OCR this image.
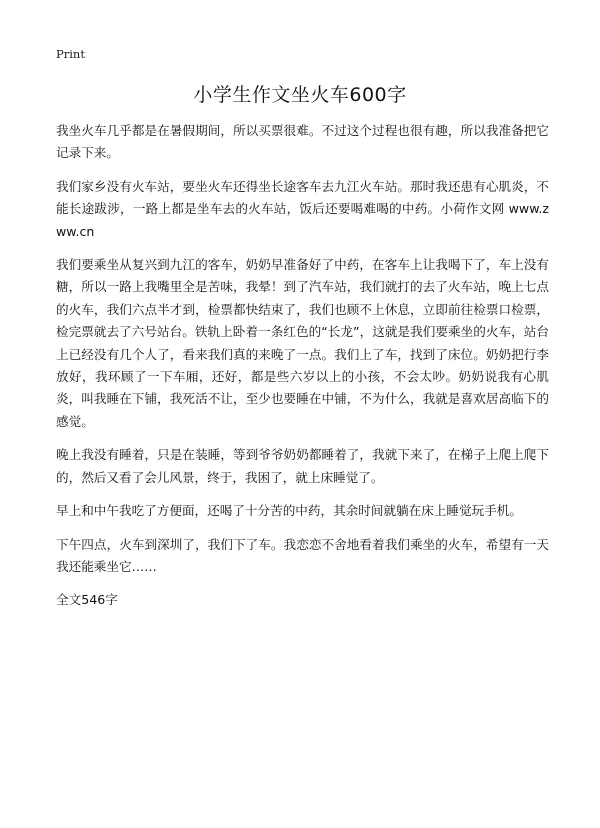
Print
小学生作文坐火车600字

我坐火车几乎都是在暑假期间，所以买票很难。不过这个过程也很有趣，所以我准备把它记录下来。

我们家乡没有火车站，要坐火车还得坐长途客车去九江火车站。那时我还患有心肌炎，不能长途跋涉，一路上都是坐车去的火车站，饭后还要喝难喝的中药。小荷作文网 www.zww.cn

我们要乘坐从复兴到九江的客车，奶奶早准备好了中药，在客车上让我喝下了，车上没有糖，所以一路上我嘴里全是苦味，我晕！到了汽车站，我们就打的去了火车站，晚上七点的火车，我们六点半才到，检票都快结束了，我们也顾不上休息，立即前往检票口检票，检完票就去了六号站台。铁轨上卧着一条红色的“长龙”，这就是我们要乘坐的火车，站台上已经没有几个人了，看来我们真的来晚了一点。我们上了车，找到了床位。奶奶把行李放好，我环顾了一下车厢，还好，都是些六岁以上的小孩，不会太吵。奶奶说我有心肌炎，叫我睡在下铺，我死活不让，至少也要睡在中铺，不为什么，我就是喜欢居高临下的感觉。

晚上我没有睡着，只是在装睡，等到爷爷奶奶都睡着了，我就下来了，在梯子上爬上爬下的，然后又看了会儿风景，终于，我困了，就上床睡觉了。

早上和中午我吃了方便面，还喝了十分苦的中药，其余时间就躺在床上睡觉玩手机。

下午四点，火车到深圳了，我们下了车。我恋恋不舍地看着我们乘坐的火车，希望有一天我还能乘坐它……

全文546字
